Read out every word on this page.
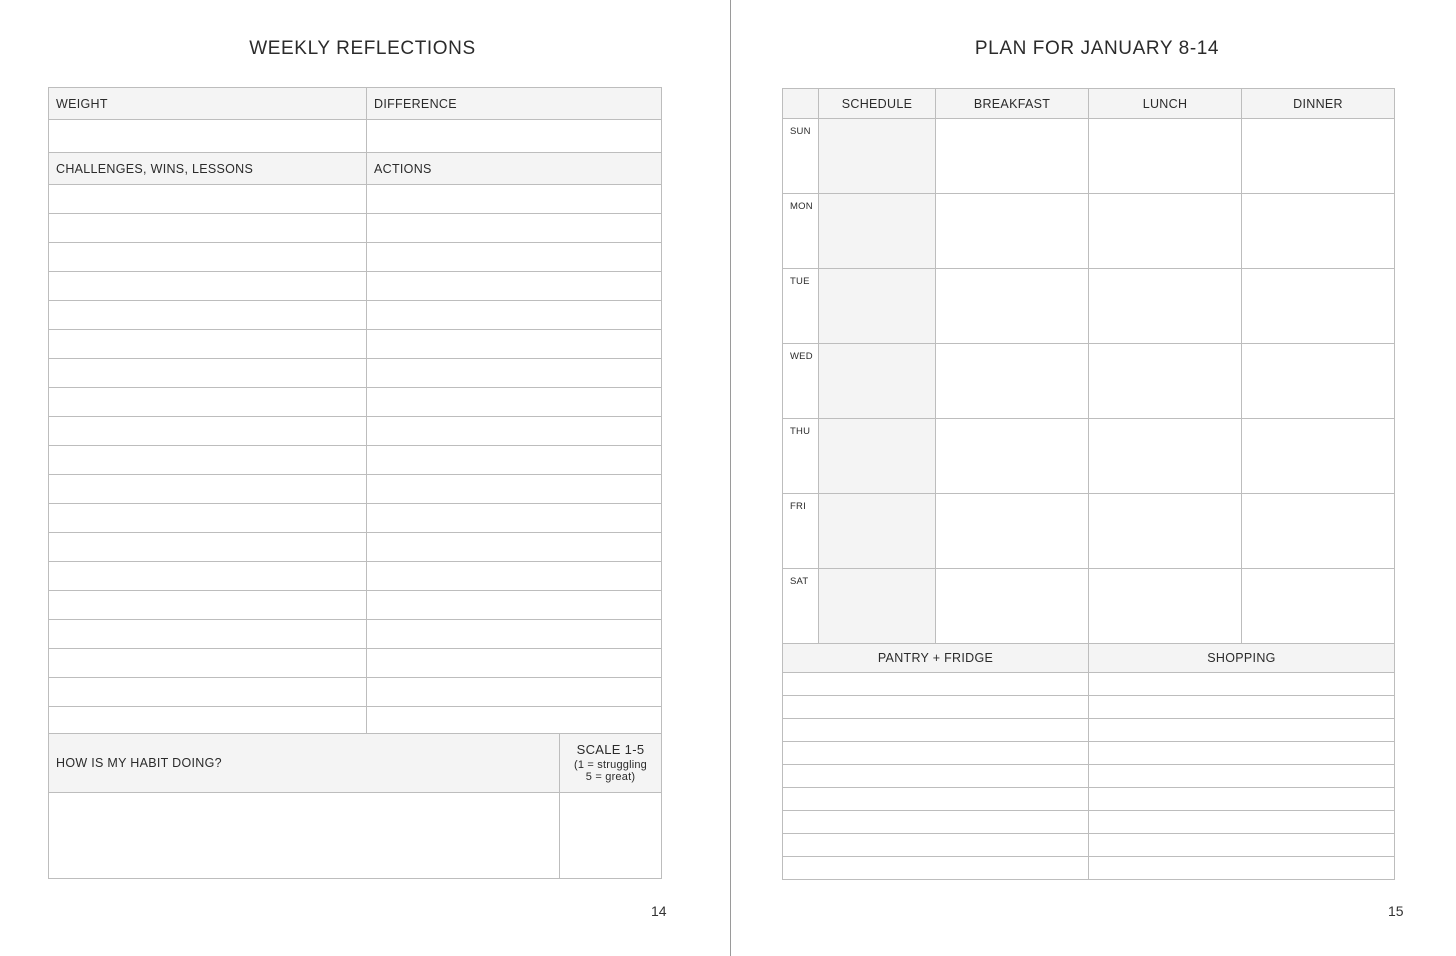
WEEKLY REFLECTIONS
WEIGHT	DIFFERENCE

CHALLENGES, WINS, LESSONS	ACTIONS

HOW IS MY HABIT DOING?	SCALE 1-5
(1 = struggling
5 = great)

14
PLAN FOR JANUARY 8-14
	SCHEDULE	BREAKFAST	LUNCH	DINNER
SUN				
MON				
TUE				
WED				
THU				
FRI				
SAT				
PANTRY + FRIDGE	SHOPPING

15
